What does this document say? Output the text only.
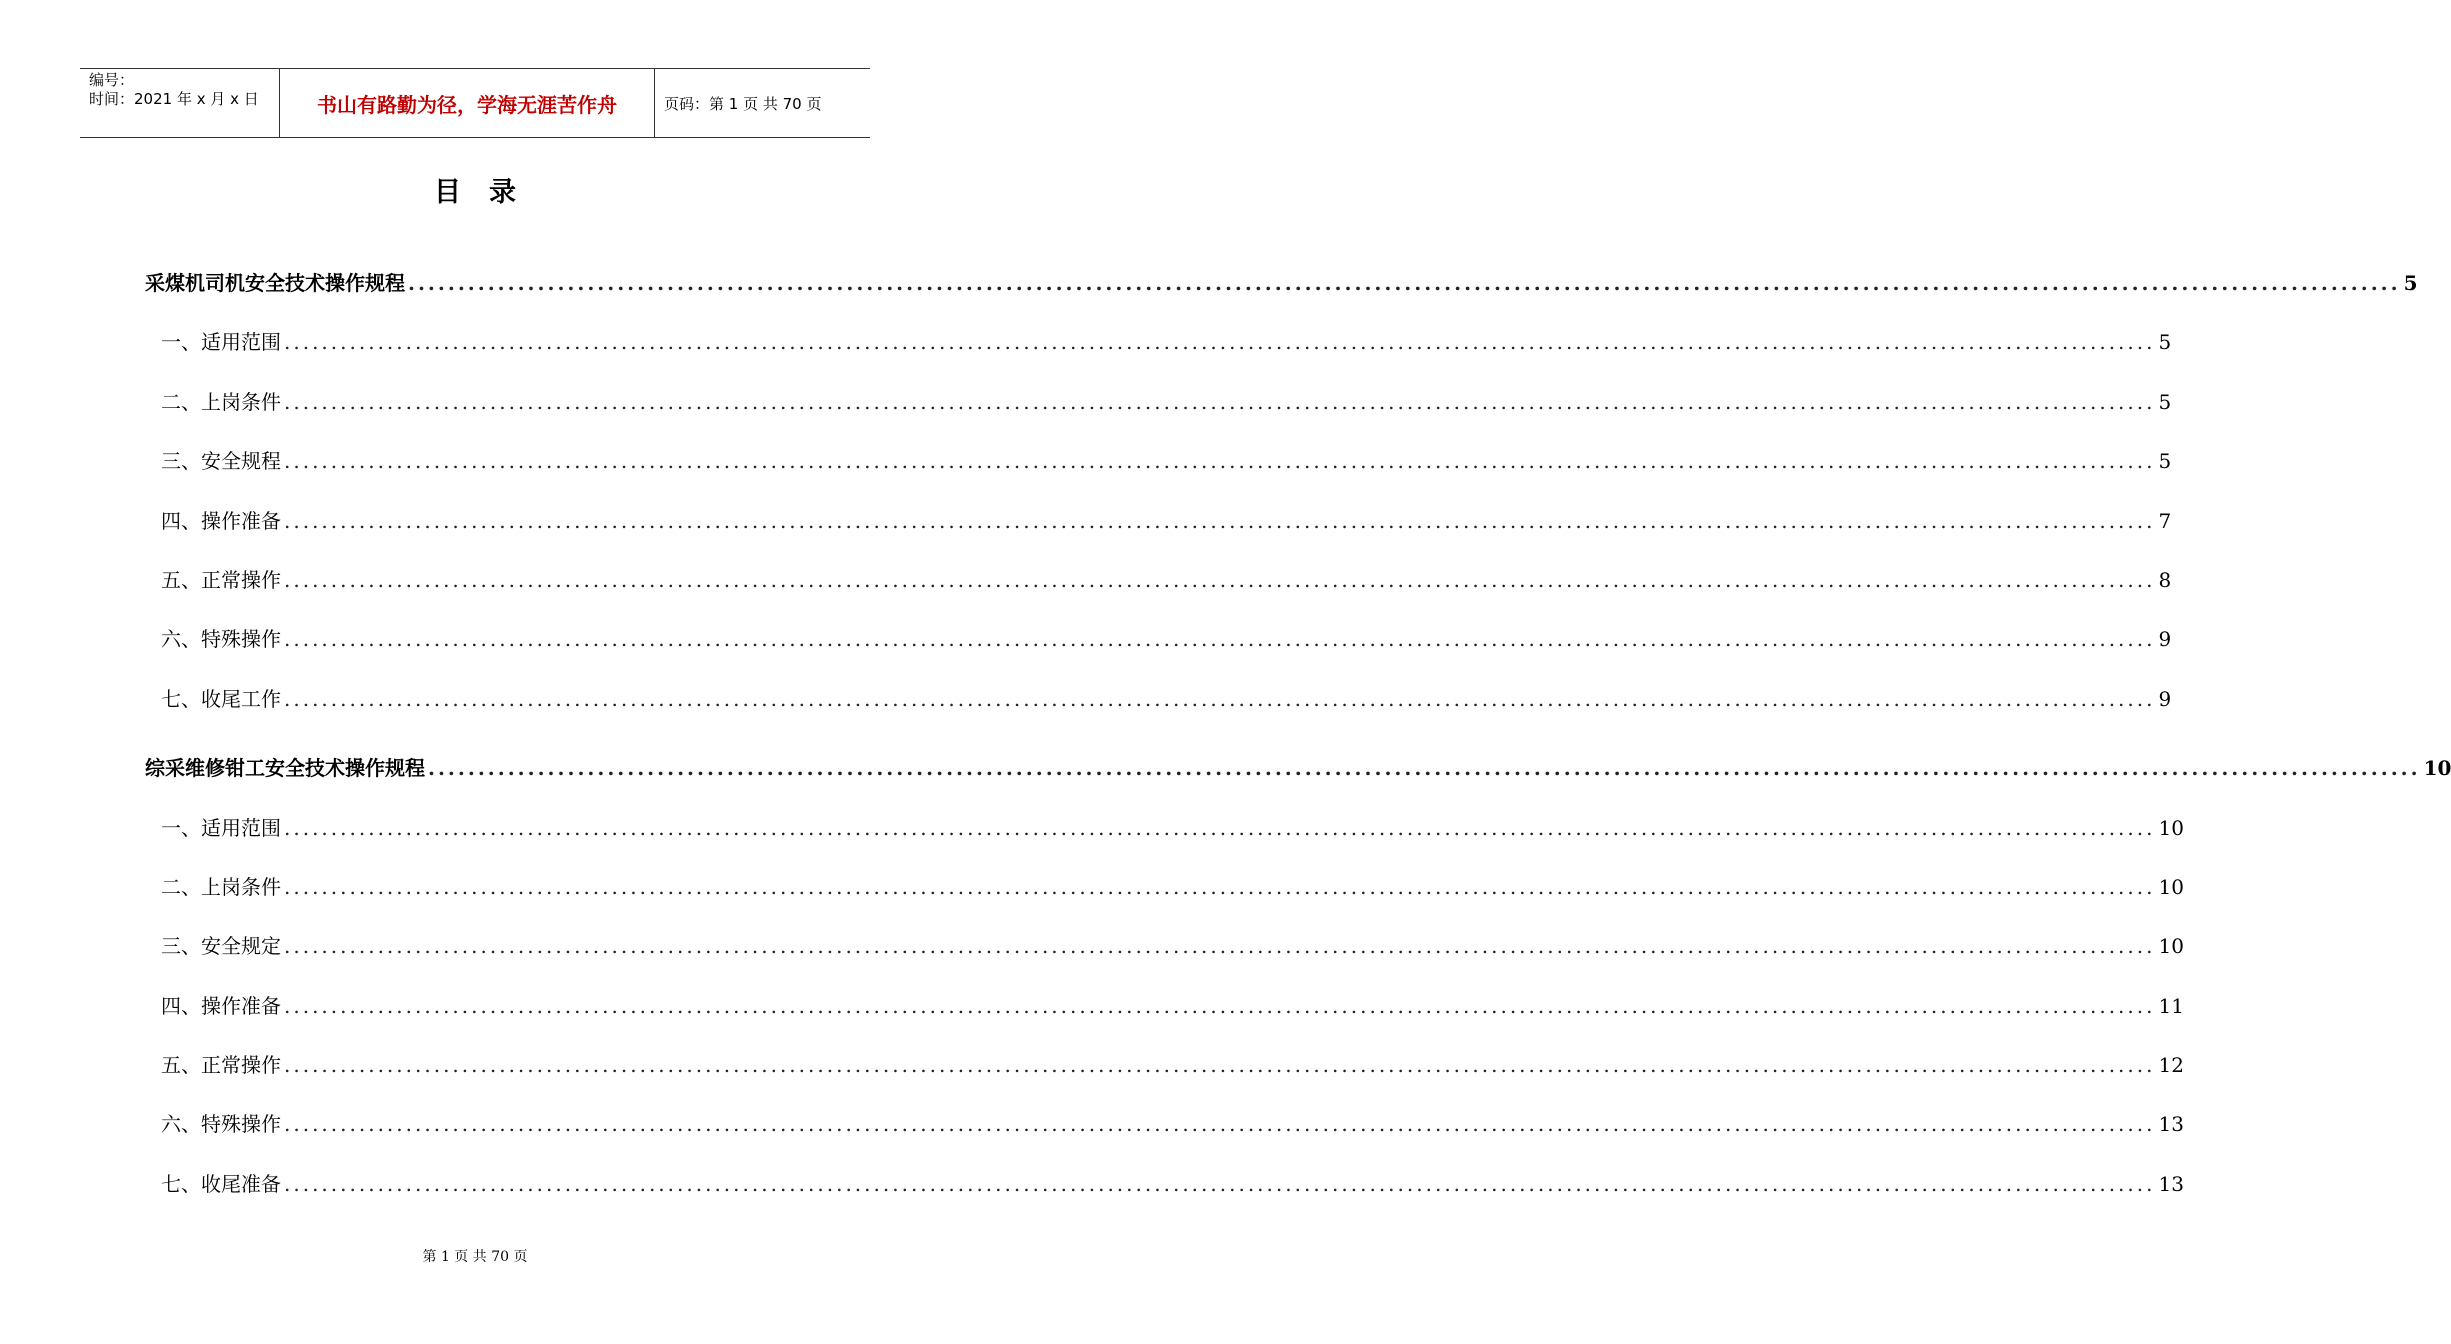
编号：
时间：2021 年 x 月 x 日	书山有路勤为径，学海无涯苦作舟	页码：第 1 页 共 70 页
目录
采煤机司机安全技术操作规程 ........................................................................................................................................................................................................ 5
一、适用范围 ........................................................................................................................................................................................................ 5
二、上岗条件 ........................................................................................................................................................................................................ 5
三、安全规程 ........................................................................................................................................................................................................ 5
四、操作准备 ........................................................................................................................................................................................................ 7
五、正常操作 ........................................................................................................................................................................................................ 8
六、特殊操作 ........................................................................................................................................................................................................ 9
七、收尾工作 ........................................................................................................................................................................................................ 9
综采维修钳工安全技术操作规程 ........................................................................................................................................................................................................ 10
一、适用范围 ........................................................................................................................................................................................................ 10
二、上岗条件 ........................................................................................................................................................................................................ 10
三、安全规定 ........................................................................................................................................................................................................ 10
四、操作准备 ........................................................................................................................................................................................................ 11
五、正常操作 ........................................................................................................................................................................................................ 12
六、特殊操作 ........................................................................................................................................................................................................ 13
七、收尾准备 ........................................................................................................................................................................................................ 13
第 1 页 共 70 页
